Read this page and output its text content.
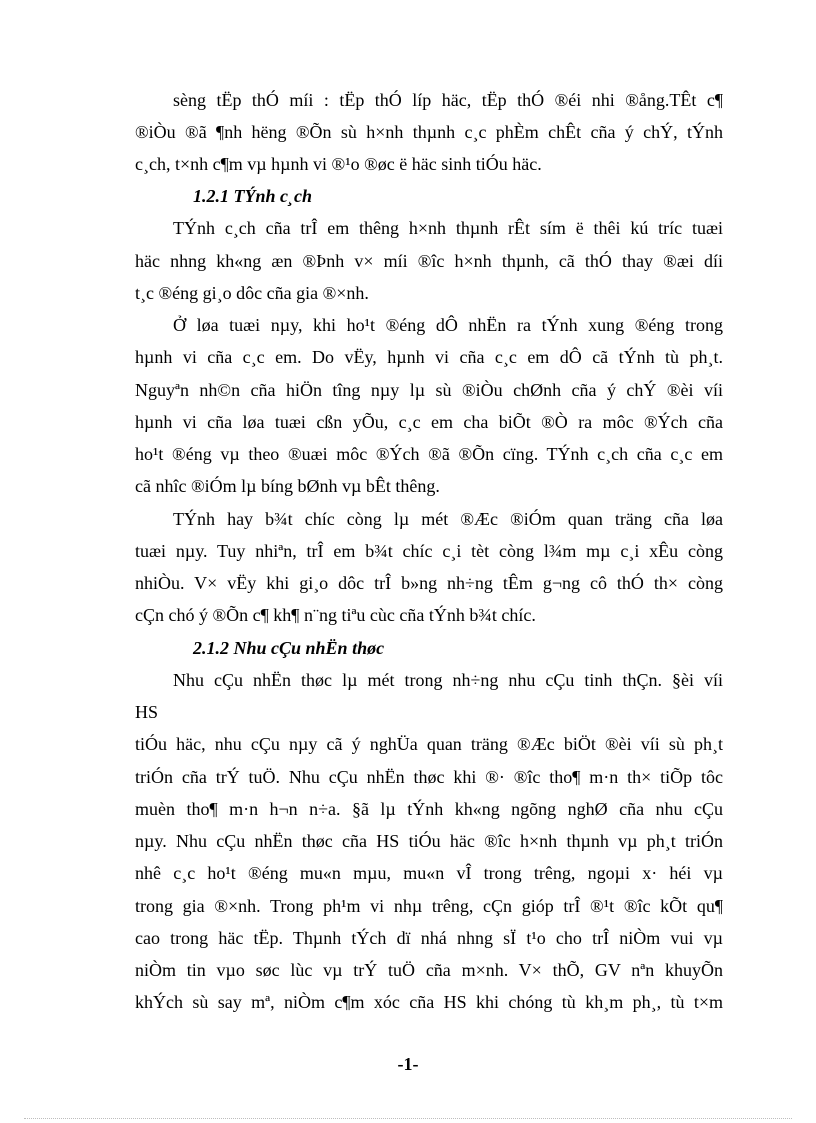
sèng tËp thÓ míi : tËp thÓ líp häc, tËp thÓ ®éi nhi ®ång.TÊt c¶
®iÒu ®ã ¶nh hëng ®Õn sù h×nh thµnh c¸c phÈm chÊt cña ý chÝ, tÝnh
c¸ch, t×nh c¶m vµ hµnh vi ®¹o ®øc ë häc sinh tiÓu häc.
1.2.1 TÝnh c¸ch
TÝnh c¸ch cña trÎ em thêng h×nh thµnh rÊt sím ë thêi kú tríc tuæi
häc nhng kh«ng æn ®Þnh v× míi ®îc h×nh thµnh, cã thÓ thay ®æi díi
t¸c ®éng gi¸o dôc cña gia ®×nh.
Ở løa tuæi nµy, khi ho¹t ®éng dÔ nhËn ra tÝnh xung ®éng trong
hµnh vi cña c¸c em. Do vËy, hµnh vi cña c¸c em dÔ cã tÝnh tù ph¸t.
Nguyªn nh©n cña hiÖn tîng nµy lµ sù ®iÒu chØnh cña ý chÝ ®èi víi
hµnh vi cña løa tuæi cßn yÕu, c¸c em cha biÕt ®Ò ra môc ®Ých cña
ho¹t ®éng vµ theo ®uæi môc ®Ých ®ã ®Õn cïng. TÝnh c¸ch cña c¸c em
cã nhîc ®iÓm lµ bíng bØnh vµ bÊt thêng.
TÝnh hay b¾t chíc còng lµ mét ®Æc ®iÓm quan träng cña løa
tuæi nµy. Tuy nhiªn, trÎ em b¾t chíc c¸i tèt còng l¾m mµ c¸i xÊu còng
nhiÒu. V× vËy khi gi¸o dôc trÎ b»ng nh÷ng tÊm g¬ng cô thÓ th× còng
cÇn chó ý ®Õn c¶ kh¶ n¨ng tiªu cùc cña tÝnh b¾t chíc.
2.1.2 Nhu cÇu nhËn thøc
Nhu cÇu nhËn thøc lµ mét trong nh÷ng nhu cÇu tinh thÇn. §èi víi
HS
tiÓu häc, nhu cÇu nµy cã ý nghÜa quan träng ®Æc biÖt ®èi víi sù ph¸t
triÓn cña trÝ tuÖ. Nhu cÇu nhËn thøc khi ®· ®îc tho¶ m·n th× tiÕp tôc
muèn tho¶ m·n h¬n n÷a. §ã lµ tÝnh kh«ng ngõng nghØ cña nhu cÇu
nµy. Nhu cÇu nhËn thøc cña HS tiÓu häc ®îc h×nh thµnh vµ ph¸t triÓn
nhê c¸c ho¹t ®éng mu«n mµu, mu«n vÎ trong trêng, ngoµi x· héi vµ
trong gia ®×nh. Trong ph¹m vi nhµ trêng, cÇn gióp trÎ ®¹t ®îc kÕt qu¶
cao trong häc tËp. Thµnh tÝch dï nhá nhng sÏ t¹o cho trÎ niÒm vui vµ
niÒm tin vµo søc lùc vµ trÝ tuÖ cña m×nh. V× thÕ, GV nªn khuyÕn
khÝch sù say mª, niÒm c¶m xóc cña HS khi chóng tù kh¸m ph¸, tù t×m
-1-
